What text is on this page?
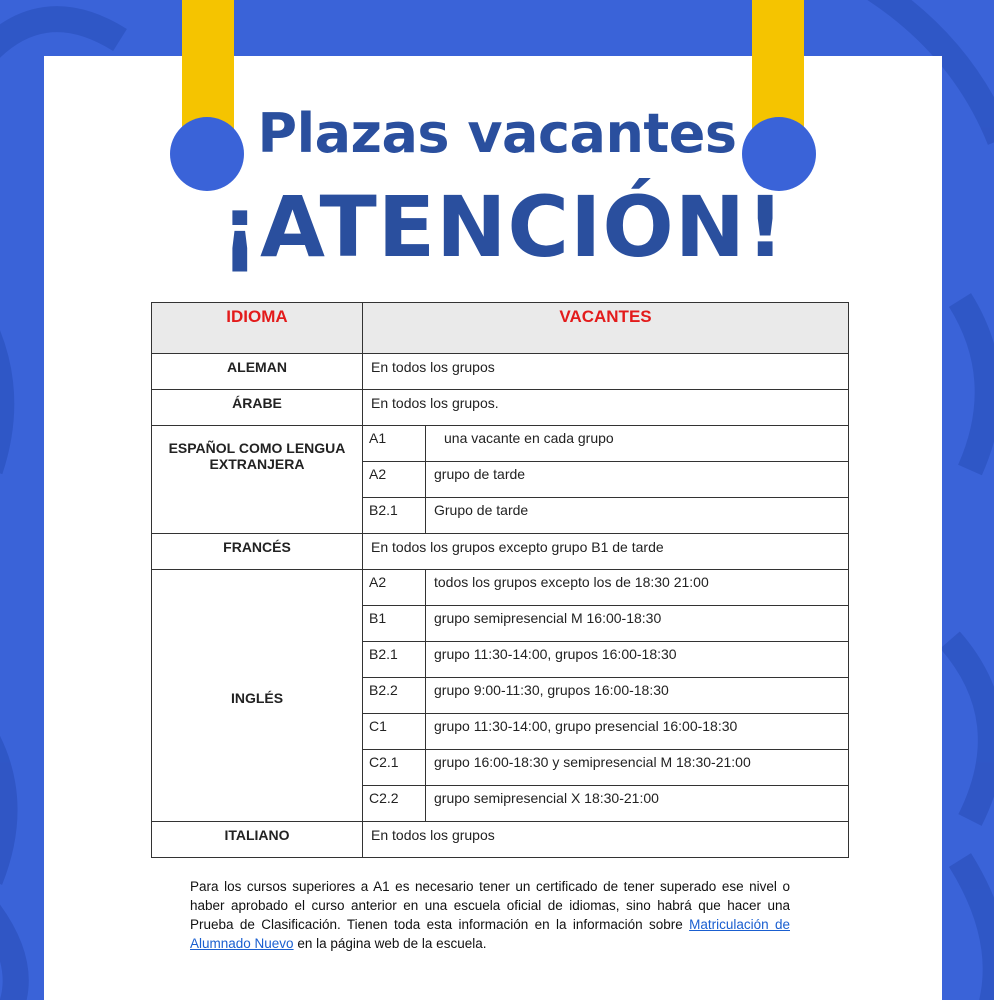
Plazas vacantes
¡ATENCIÓN!
IDIOMA	VACANTES	
ALEMAN	En todos los grupos	
ÁRABE	En todos los grupos.	
ESPAÑOL COMO LENGUA EXTRANJERA	A1	una vacante en cada grupo
	A2	grupo de tarde
	B2.1	Grupo de tarde
FRANCÉS	En todos los grupos excepto grupo B1 de tarde	
INGLÉS	A2	todos los grupos excepto los de 18:30 21:00
	B1	grupo semipresencial M 16:00-18:30
	B2.1	grupo 11:30-14:00, grupos 16:00-18:30
	B2.2	grupo 9:00-11:30, grupos 16:00-18:30
	C1	grupo 11:30-14:00, grupo presencial 16:00-18:30
	C2.1	grupo 16:00-18:30 y semipresencial M 18:30-21:00
	C2.2	grupo semipresencial X 18:30-21:00
ITALIANO	En todos los grupos	
Para los cursos superiores a A1 es necesario tener un certificado de tener superado ese nivel o haber aprobado el curso anterior en una escuela oficial de idiomas, sino habrá que hacer una Prueba de Clasificación. Tienen toda esta información en la información sobre Matriculación de Alumnado Nuevo en la página web de la escuela.
